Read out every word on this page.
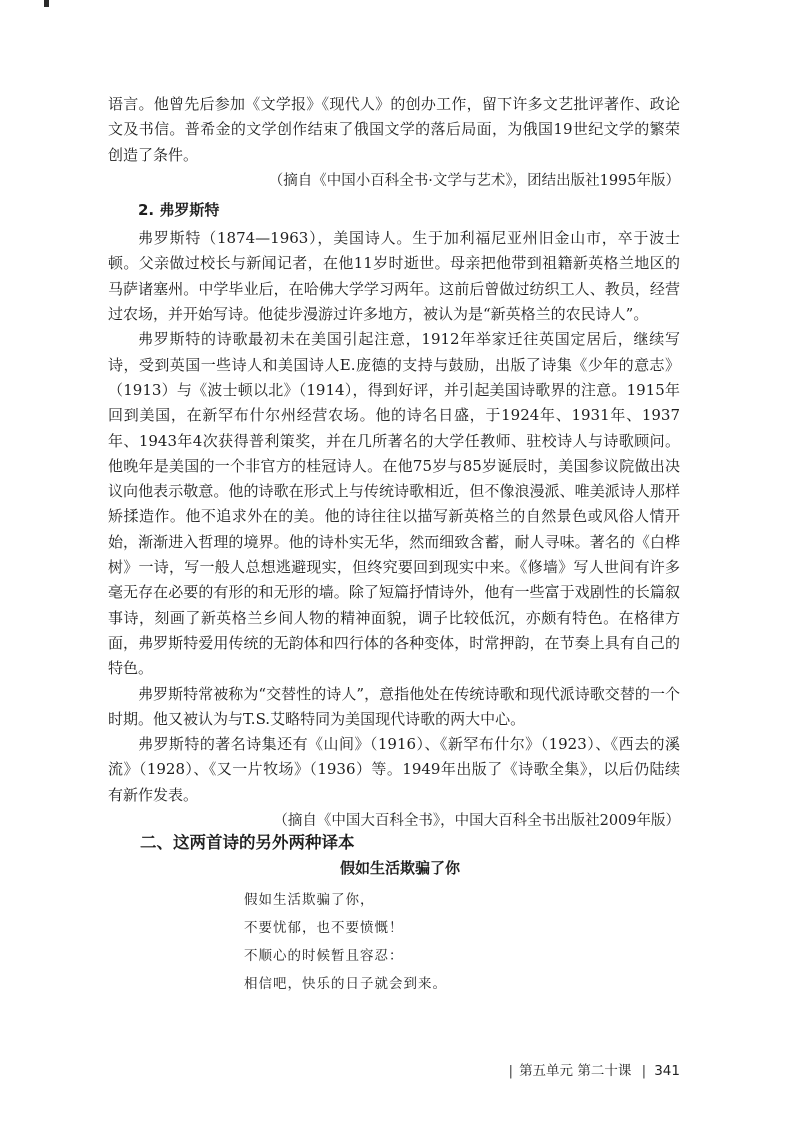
语言。他曾先后参加《文学报》《现代人》的创办工作，留下许多文艺批评著作、政论文及书信。普希金的文学创作结束了俄国文学的落后局面，为俄国19世纪文学的繁荣创造了条件。

（摘自《中国小百科全书·文学与艺术》，团结出版社1995年版）
2. 弗罗斯特

弗罗斯特（1874—1963），美国诗人。生于加利福尼亚州旧金山市，卒于波士顿。父亲做过校长与新闻记者，在他11岁时逝世。母亲把他带到祖籍新英格兰地区的马萨诸塞州。中学毕业后，在哈佛大学学习两年。这前后曾做过纺织工人、教员，经营过农场，并开始写诗。他徒步漫游过许多地方，被认为是“新英格兰的农民诗人”。

弗罗斯特的诗歌最初未在美国引起注意，1912年举家迁往英国定居后，继续写诗，受到英国一些诗人和美国诗人E.庞德的支持与鼓励，出版了诗集《少年的意志》（1913）与《波士顿以北》（1914），得到好评，并引起美国诗歌界的注意。1915年回到美国，在新罕布什尔州经营农场。他的诗名日盛，于1924年、1931年、1937年、1943年4次获得普利策奖，并在几所著名的大学任教师、驻校诗人与诗歌顾问。他晚年是美国的一个非官方的桂冠诗人。在他75岁与85岁诞辰时，美国参议院做出决议向他表示敬意。他的诗歌在形式上与传统诗歌相近，但不像浪漫派、唯美派诗人那样矫揉造作。他不追求外在的美。他的诗往往以描写新英格兰的自然景色或风俗人情开始，渐渐进入哲理的境界。他的诗朴实无华，然而细致含蓄，耐人寻味。著名的《白桦树》一诗，写一般人总想逃避现实，但终究要回到现实中来。《修墙》写人世间有许多毫无存在必要的有形的和无形的墙。除了短篇抒情诗外，他有一些富于戏剧性的长篇叙事诗，刻画了新英格兰乡间人物的精神面貌，调子比较低沉，亦颇有特色。在格律方面，弗罗斯特爱用传统的无韵体和四行体的各种变体，时常押韵，在节奏上具有自己的特色。

弗罗斯特常被称为“交替性的诗人”，意指他处在传统诗歌和现代派诗歌交替的一个时期。他又被认为与T.S.艾略特同为美国现代诗歌的两大中心。

弗罗斯特的著名诗集还有《山间》（1916）、《新罕布什尔》（1923）、《西去的溪流》（1928）、《又一片牧场》（1936）等。1949年出版了《诗歌全集》，以后仍陆续有新作发表。

（摘自《中国大百科全书》，中国大百科全书出版社2009年版）
二、这两首诗的另外两种译本
假如生活欺骗了你
假如生活欺骗了你，
不要忧郁，也不要愤慨！
不顺心的时候暂且容忍：
相信吧，快乐的日子就会到来。
| 第五单元 第二十课 | 341
